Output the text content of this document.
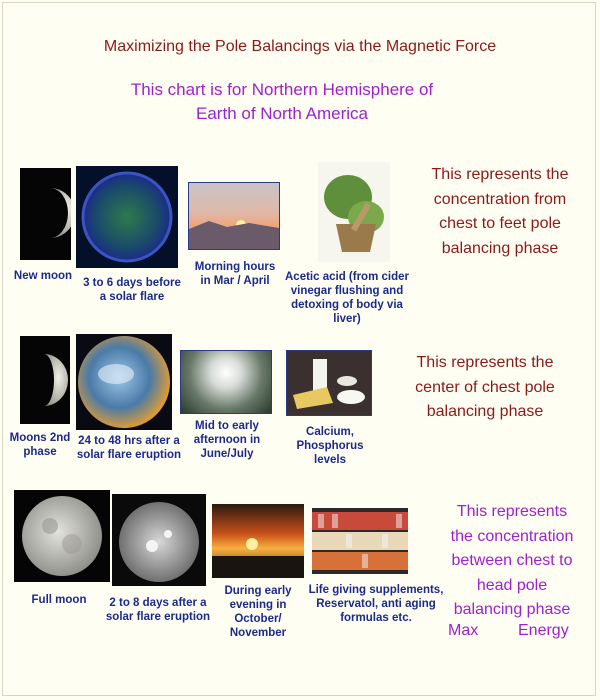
Maximizing the Pole Balancings via the Magnetic Force
This chart is for Northern Hemisphere of
Earth of North America
New moon
3 to 6 days before
a solar flare
Morning hours
in Mar / April	Acetic acid (from cider
vinegar flushing and
detoxing of body via
liver)
This represents the
concentration from
chest to feet pole
balancing phase
Moons 2nd
phase
24 to 48 hrs after a
solar flare eruption
Mid to early
afternoon in
June/July
Calcium,
Phosphorus
levels
This represents the
center of chest pole
balancing phase
Full moon	2 to 8 days after a
solar flare eruption
During early
evening in
October/
November
Life giving supplements,
Reservatol, anti aging
formulas etc.
This represents
the concentration
between chest to
head pole
balancing phase
Max Energy
